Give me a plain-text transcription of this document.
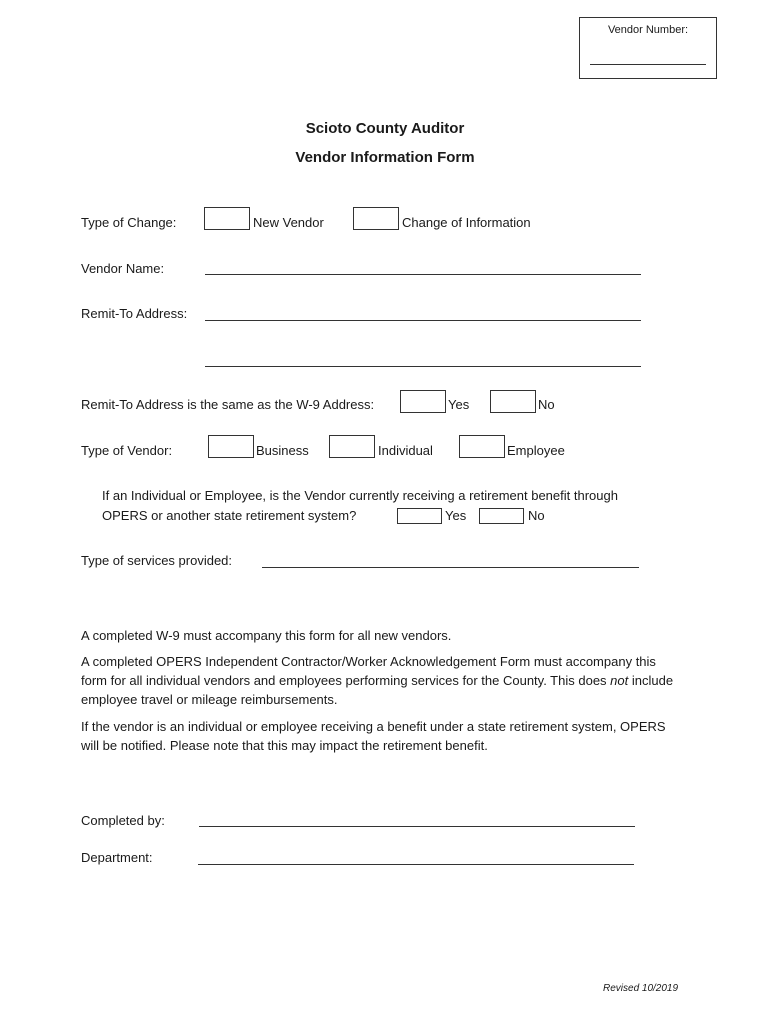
Vendor Number:
Scioto County Auditor
Vendor Information Form
Type of Change:	New Vendor	Change of Information
Vendor Name:
Remit-To Address:
Remit-To Address is the same as the W-9 Address:	Yes	No
Type of Vendor:	Business	Individual	Employee
If an Individual or Employee, is the Vendor currently receiving a retirement benefit through
OPERS or another state retirement system?	Yes	No
Type of services provided:
A completed W-9 must accompany this form for all new vendors.
A completed OPERS Independent Contractor/Worker Acknowledgement Form must accompany this form for all individual vendors and employees performing services for the County. This does not include employee travel or mileage reimbursements.
If the vendor is an individual or employee receiving a benefit under a state retirement system, OPERS will be notified. Please note that this may impact the retirement benefit.
Completed by:
Department:
Revised 10/2019
